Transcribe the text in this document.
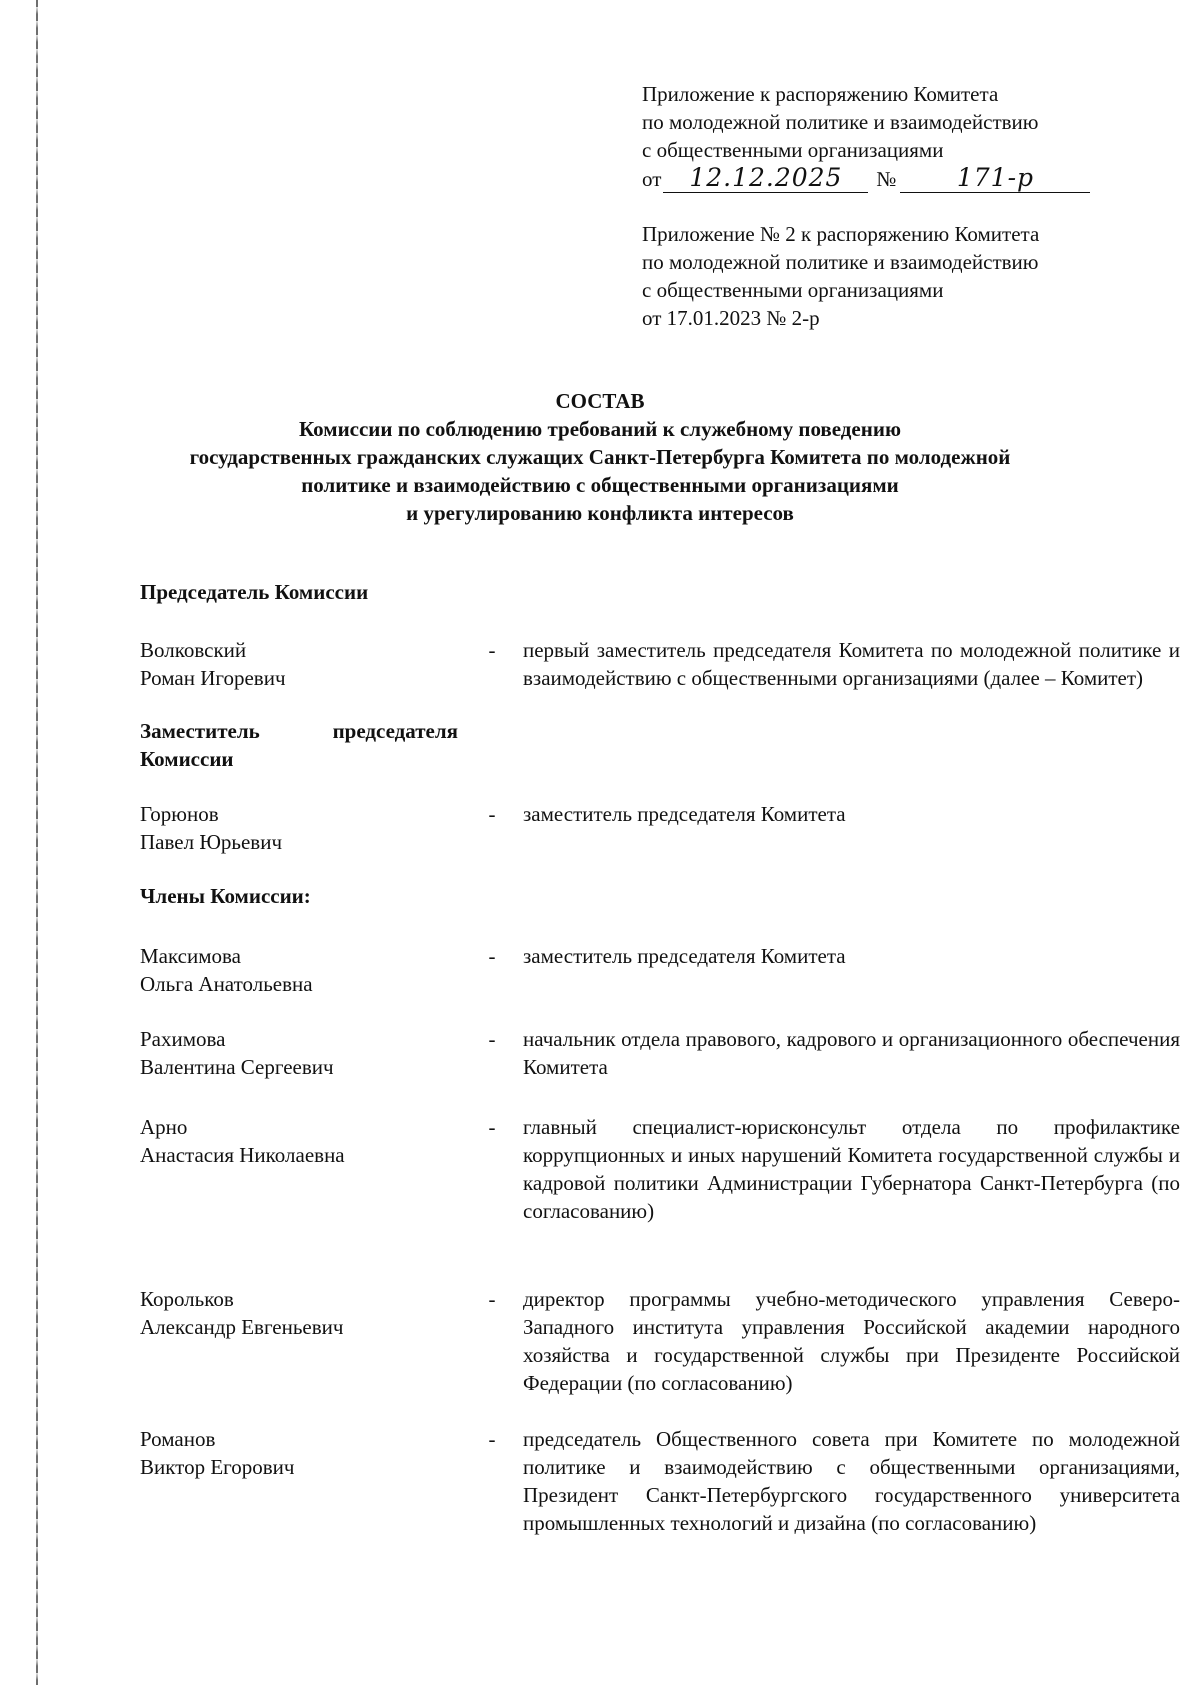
Приложение к распоряжению Комитета
по молодежной политике и взаимодействию
с общественными организациями
от	12.12.2025	№	171-р
Приложение № 2 к распоряжению Комитета
по молодежной политике и взаимодействию
с общественными организациями
от 17.01.2023 № 2-р
СОСТАВ
Комиссии по соблюдению требований к служебному поведению
государственных гражданских служащих Санкт-Петербурга Комитета по молодежной
политике и взаимодействию с общественными организациями
и урегулированию конфликта интересов
Председатель Комиссии
Волковский
Роман Игоревич
-	первый заместитель председателя Комитета по молодежной политике и взаимодействию с общественными организациями (далее – Комитет)
Заместитель	председателя
Комиссии
Горюнов
Павел Юрьевич
-	заместитель председателя Комитета
Члены Комиссии:
Максимова
Ольга Анатольевна
-	заместитель председателя Комитета
Рахимова
Валентина Сергеевич
-	начальник отдела правового, кадрового и организационного обеспечения Комитета
Арно
Анастасия Николаевна
-	главный специалист-юрисконсульт отдела по профилактике коррупционных и иных нарушений Комитета государственной службы и кадровой политики Администрации Губернатора Санкт-Петербурга (по согласованию)
Корольков
Александр Евгеньевич
-	директор программы учебно-методического управления Северо-Западного института управления Российской академии народного хозяйства и государственной службы при Президенте Российской Федерации (по согласованию)
Романов
Виктор Егорович
-	председатель Общественного совета при Комитете по молодежной политике и взаимодействию с общественными организациями, Президент Санкт-Петербургского государственного университета промышленных технологий и дизайна (по согласованию)
